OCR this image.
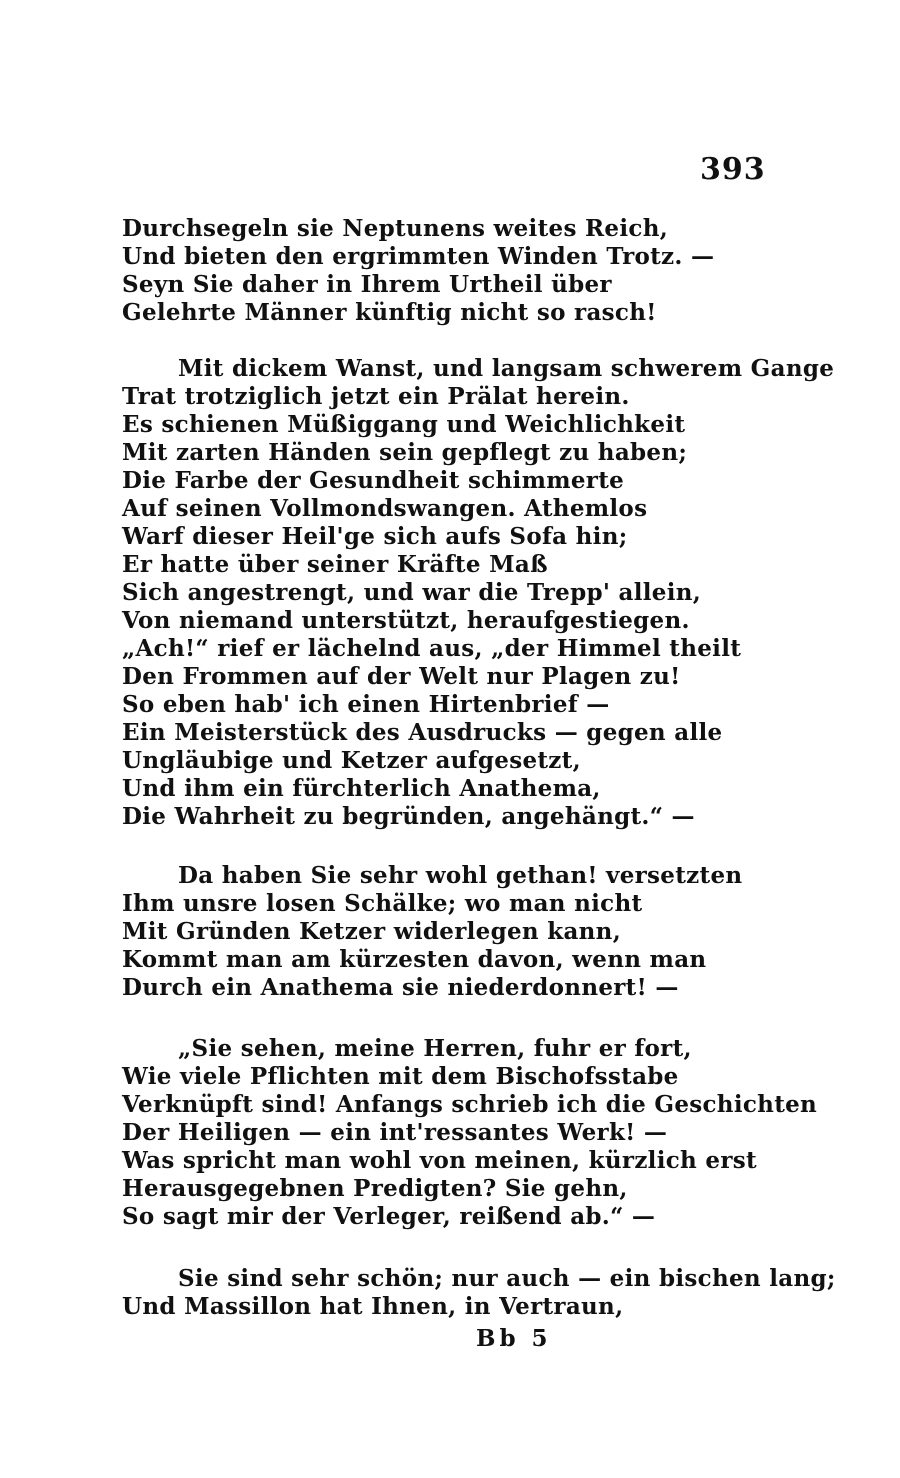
393
Durchsegeln sie Neptunens weites Reich,
Und bieten den ergrimmten Winden Trotz. —
Seyn Sie daher in Ihrem Urtheil über
Gelehrte Männer künftig nicht so rasch!
Mit dickem Wanst, und langsam schwerem Gange
Trat trotziglich jetzt ein Prälat herein.
Es schienen Müßiggang und Weichlichkeit
Mit zarten Händen sein gepflegt zu haben;
Die Farbe der Gesundheit schimmerte
Auf seinen Vollmondswangen. Athemlos
Warf dieser Heil'ge sich aufs Sofa hin;
Er hatte über seiner Kräfte Maß
Sich angestrengt, und war die Trepp' allein,
Von niemand unterstützt, heraufgestiegen.
„Ach!“ rief er lächelnd aus, „der Himmel theilt
Den Frommen auf der Welt nur Plagen zu!
So eben hab' ich einen Hirtenbrief —
Ein Meisterstück des Ausdrucks — gegen alle
Ungläubige und Ketzer aufgesetzt,
Und ihm ein fürchterlich Anathema,
Die Wahrheit zu begründen, angehängt.“ —
Da haben Sie sehr wohl gethan! versetzten
Ihm unsre losen Schälke; wo man nicht
Mit Gründen Ketzer widerlegen kann,
Kommt man am kürzesten davon, wenn man
Durch ein Anathema sie niederdonnert! —
„Sie sehen, meine Herren, fuhr er fort,
Wie viele Pflichten mit dem Bischofsstabe
Verknüpft sind! Anfangs schrieb ich die Geschichten
Der Heiligen — ein int'ressantes Werk! —
Was spricht man wohl von meinen, kürzlich erst
Herausgegebnen Predigten? Sie gehn,
So sagt mir der Verleger, reißend ab.“ —
Sie sind sehr schön; nur auch — ein bischen lang;
Und Massillon hat Ihnen, in Vertraun,
Bb 5
